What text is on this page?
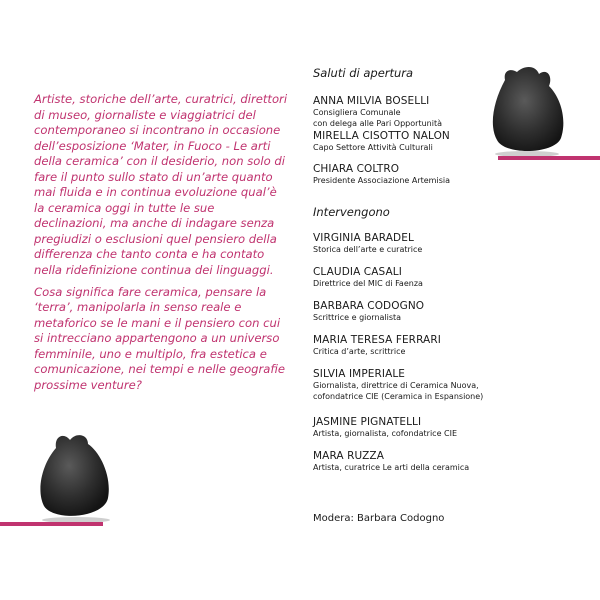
Artiste, storiche dell’arte, curatrici, direttori di museo, giornaliste e viaggiatrici del contemporaneo si incontrano in occasione dell’esposizione ‘Mater, in Fuoco - Le arti della ceramica’ con il desiderio, non solo di fare il punto sullo stato di un’arte quanto mai fluida e in continua evoluzione qual’è la ceramica oggi in tutte le sue declinazioni, ma anche di indagare senza pregiudizi o esclusioni quel pensiero della differenza che tanto conta e ha contato nella ridefinizione continua dei linguaggi.

Cosa significa fare ceramica, pensare la ‘terra’, manipolarla in senso reale e metaforico se le mani e il pensiero con cui si intrecciano appartengono a un universo femminile, uno e multiplo, fra estetica e comunicazione, nei tempi e nelle geografie prossime venture?

Saluti di apertura
ANNA MILVIA BOSELLI
Consigliera Comunale
con delega alle Pari Opportunità
MIRELLA CISOTTO NALON
Capo Settore Attività Culturali
CHIARA COLTRO
Presidente Associazione Artemisia
Intervengono
VIRGINIA BARADEL
Storica dell’arte e curatrice
CLAUDIA CASALI
Direttrice del MIC di Faenza
BARBARA CODOGNO
Scrittrice e giornalista
MARIA TERESA FERRARI
Critica d’arte, scrittrice
SILVIA IMPERIALE
Giornalista, direttrice di Ceramica Nuova,
cofondatrice CIE (Ceramica in Espansione)
JASMINE PIGNATELLI
Artista, giornalista, cofondatrice CIE
MARA RUZZA
Artista, curatrice Le arti della ceramica
Modera: Barbara Codogno
